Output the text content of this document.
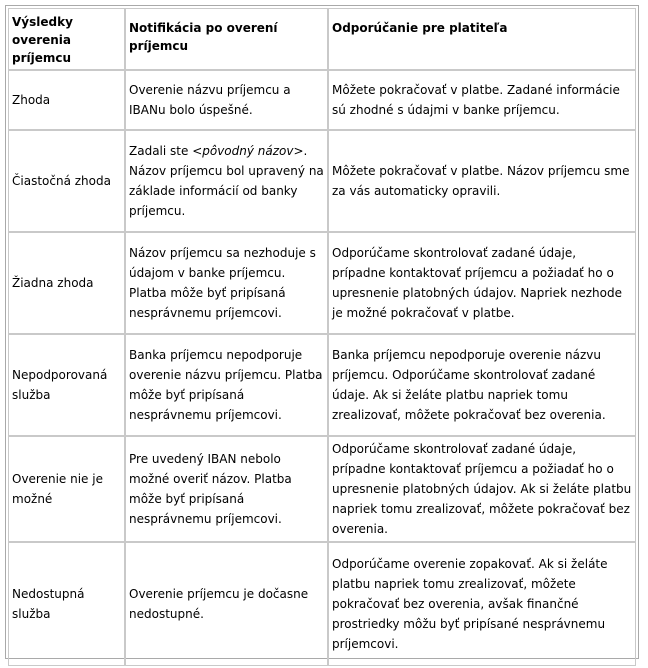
Výsledky overenia príjemcu	Notifikácia po overení príjemcu	Odporúčanie pre platiteľa
Zhoda	Overenie názvu príjemcu a IBANu bolo úspešné.	Môžete pokračovať v platbe. Zadané informácie sú zhodné s údajmi v banke príjemcu.
Čiastočná zhoda	Zadali ste <pôvodný názov>. Názov príjemcu bol upravený na základe informácií od banky príjemcu.	Môžete pokračovať v platbe. Názov príjemcu sme za vás automaticky opravili.
Žiadna zhoda	Názov príjemcu sa nezhoduje s údajom v banke príjemcu. Platba môže byť pripísaná nesprávnemu príjemcovi.	Odporúčame skontrolovať zadané údaje, prípadne kontaktovať príjemcu a požiadať ho o upresnenie platobných údajov. Napriek nezhode je možné pokračovať v platbe.
Nepodporovaná služba	Banka príjemcu nepodporuje overenie názvu príjemcu. Platba môže byť pripísaná nesprávnemu príjemcovi.	Banka príjemcu nepodporuje overenie názvu príjemcu. Odporúčame skontrolovať zadané údaje. Ak si želáte platbu napriek tomu zrealizovať, môžete pokračovať bez overenia.
Overenie nie je možné	Pre uvedený IBAN nebolo možné overiť názov. Platba môže byť pripísaná nesprávnemu príjemcovi.	Odporúčame skontrolovať zadané údaje, prípadne kontaktovať príjemcu a požiadať ho o upresnenie platobných údajov. Ak si želáte platbu napriek tomu zrealizovať, môžete pokračovať bez overenia.
Nedostupná služba	Overenie príjemcu je dočasne nedostupné.	Odporúčame overenie zopakovať. Ak si želáte platbu napriek tomu zrealizovať, môžete pokračovať bez overenia, avšak finančné prostriedky môžu byť pripísané nesprávnemu príjemcovi.
